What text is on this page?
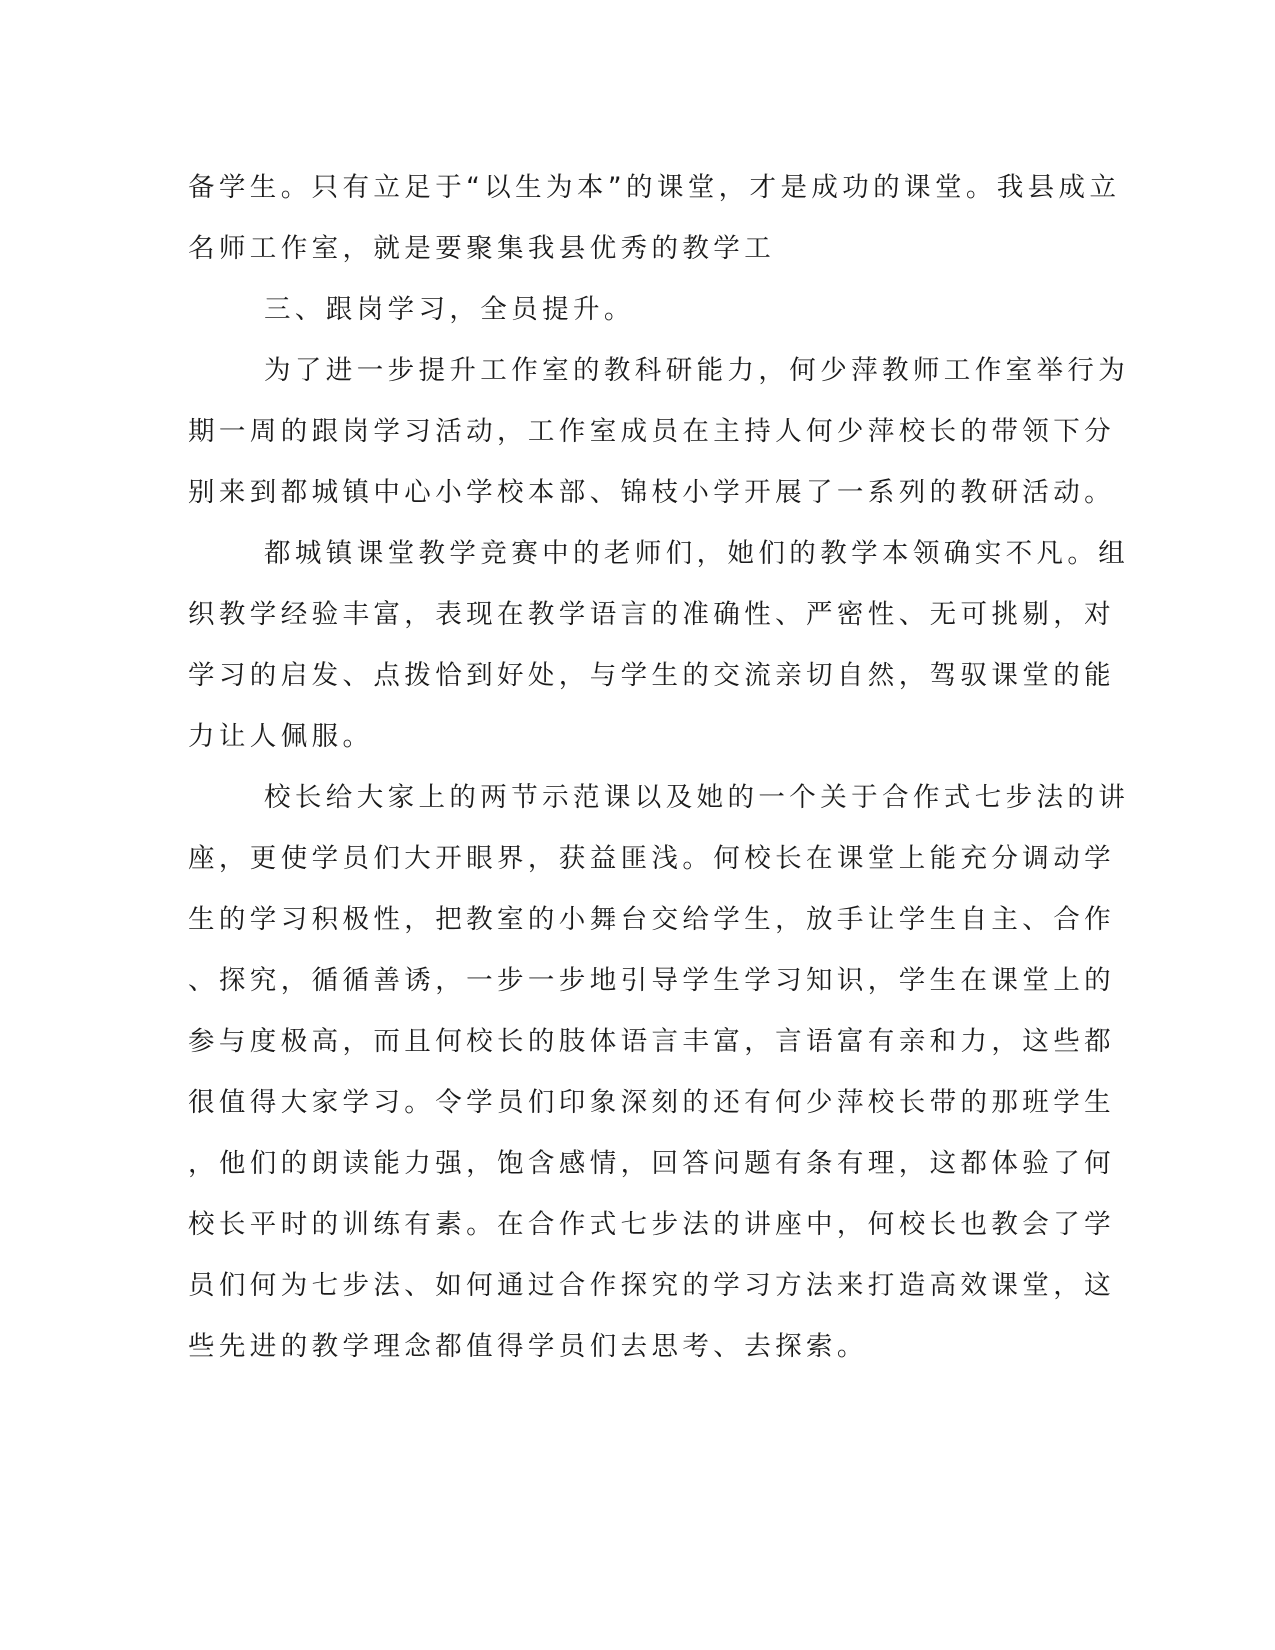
备学生。只有立足于“以生为本”的课堂，才是成功的课堂。我县成立
名师工作室，就是要聚集我县优秀的教学工
三、跟岗学习，全员提升。
为了进一步提升工作室的教科研能力，何少萍教师工作室举行为
期一周的跟岗学习活动，工作室成员在主持人何少萍校长的带领下分
别来到都城镇中心小学校本部、锦枝小学开展了一系列的教研活动。
都城镇课堂教学竞赛中的老师们，她们的教学本领确实不凡。组
织教学经验丰富，表现在教学语言的准确性、严密性、无可挑剔，对
学习的启发、点拨恰到好处，与学生的交流亲切自然，驾驭课堂的能
力让人佩服。
校长给大家上的两节示范课以及她的一个关于合作式七步法的讲
座，更使学员们大开眼界，获益匪浅。何校长在课堂上能充分调动学
生的学习积极性，把教室的小舞台交给学生，放手让学生自主、合作
、探究，循循善诱，一步一步地引导学生学习知识，学生在课堂上的
参与度极高，而且何校长的肢体语言丰富，言语富有亲和力，这些都
很值得大家学习。令学员们印象深刻的还有何少萍校长带的那班学生
，他们的朗读能力强，饱含感情，回答问题有条有理，这都体验了何
校长平时的训练有素。在合作式七步法的讲座中，何校长也教会了学
员们何为七步法、如何通过合作探究的学习方法来打造高效课堂，这
些先进的教学理念都值得学员们去思考、去探索。
